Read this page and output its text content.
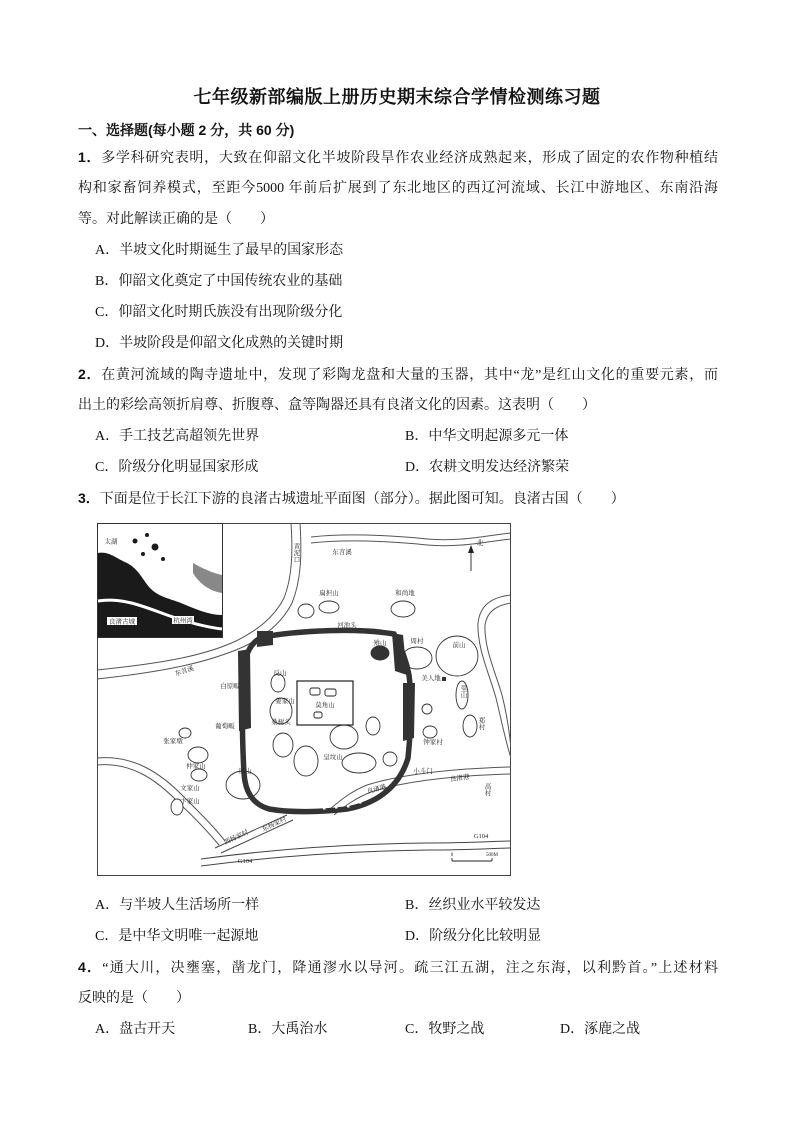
七年级新部编版上册历史期末综合学情检测练习题
一、选择题(每小题 2 分，共 60 分)
1．多学科研究表明，大致在仰韶文化半坡阶段旱作农业经济成熟起来，形成了固定的农作物种植结
构和家畜饲养模式，至距今5000 年前后扩展到了东北地区的西辽河流域、长江中游地区、东南沿海
等。对此解读正确的是（　　）
A．半坡文化时期诞生了最早的国家形态
B．仰韶文化奠定了中国传统农业的基础
C．仰韶文化时期氏族没有出现阶级分化
D．半坡阶段是仰韶文化成熟的关键时期
2．在黄河流域的陶寺遗址中，发现了彩陶龙盘和大量的玉器，其中“龙”是红山文化的重要元素，而
出土的彩绘高领折肩尊、折腹尊、盒等陶器还具有良渚文化的因素。这表明（　　）
A．手工技艺高超领先世界	B．中华文明起源多元一体
C．阶级分化明显国家形成	D．农耕文明发达经济繁荣
3．下面是位于长江下游的良渚古城遗址平面图（部分）。据此图可知。良渚古国（　　）
太湖
良渚古城	杭州湾
北
0	500M
东苕溪
黄泥口
扁担山	和尚地
河池头
周村
雉山	前山
美人地
里山
郑村
东苕溪
白原畈
反山
姜家山
莫角山
桑树头
葡萄畈
张家墩	钟家村
皇坟山
仲家山
凤山	小斗门
良渚港
良渚港	高村
文家山
卞家山
西杨家村
东杨家村
G104
G104
A．与半坡人生活场所一样	B．丝织业水平较发达
C．是中华文明唯一起源地	D．阶级分化比较明显
4．“通大川，决壅塞，凿龙门，降通漻水以导河。疏三江五湖，注之东海，以利黔首。”上述材料
反映的是（　　）
A．盘古开天	B．大禹治水	C．牧野之战	D．涿鹿之战
